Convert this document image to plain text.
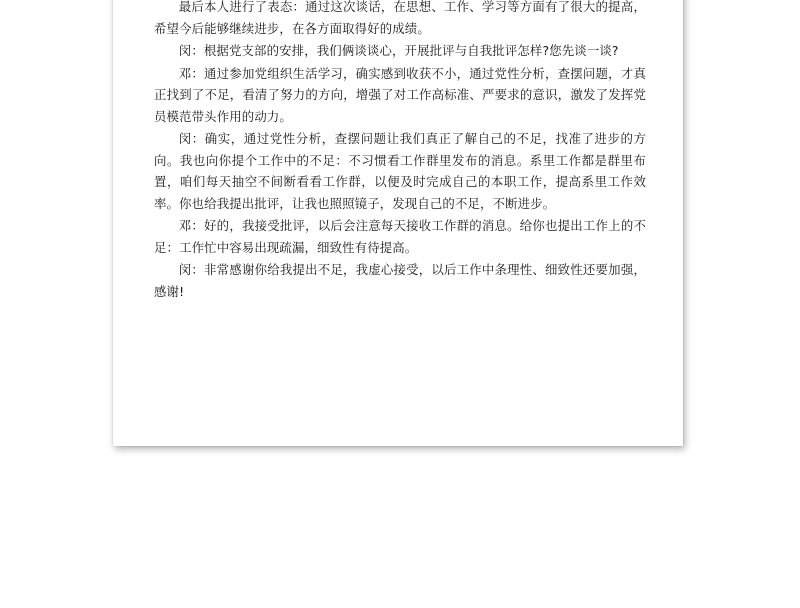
最后本人进行了表态：通过这次谈话，在思想、工作、学习等方面有了很大的提高，希望今后能够继续进步，在各方面取得好的成绩。

闵：根据党支部的安排，我们俩谈谈心，开展批评与自我批评怎样?您先谈一谈?

邓：通过参加党组织生活学习，确实感到收获不小，通过党性分析，查摆问题，才真正找到了不足，看清了努力的方向，增强了对工作高标准、严要求的意识，激发了发挥党员模范带头作用的动力。

闵：确实，通过党性分析，查摆问题让我们真正了解自己的不足，找准了进步的方向。我也向你提个工作中的不足：不习惯看工作群里发布的消息。系里工作都是群里布置，咱们每天抽空不间断看看工作群，以便及时完成自己的本职工作，提高系里工作效率。你也给我提出批评，让我也照照镜子，发现自己的不足，不断进步。

邓：好的，我接受批评，以后会注意每天接收工作群的消息。给你也提出工作上的不足：工作忙中容易出现疏漏，细致性有待提高。

闵：非常感谢你给我提出不足，我虚心接受，以后工作中条理性、细致性还要加强，感谢!
